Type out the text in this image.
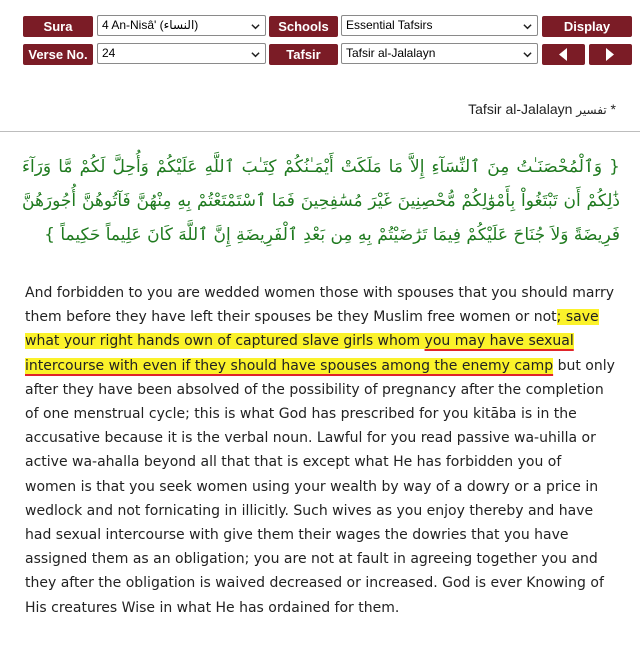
Sura	4 An-Nisâ' (النساء)	Schools	Essential Tafsirs	Display
Verse No.	24	Tafsir	Tafsir al-Jalalayn
Tafsir al-Jalalayn تفسير *
{ وَٱلْمُحْصَنَـٰتُ مِنَ ٱلنِّسَآءِ إِلاَّ مَا مَلَكَتْ أَيْمَـٰنُكُمْ كِتَـٰبَ ٱللَّهِ عَلَيْكُمْ وَأُحِلَّ لَكُمْ مَّا وَرَآءَ ذَٰلِكُمْ أَن تَبْتَغُواْ بِأَمْوَٰلِكُمْ مُّحْصِنِينَ غَيْرَ مُسَٰفِحِينَ فَمَا ٱسْتَمْتَعْتُمْ بِهِ مِنْهُنَّ فَآتُوهُنَّ أُجُورَهُنَّ فَرِيضَةً وَلاَ جُنَاحَ عَلَيْكُمْ فِيمَا تَرَٰضَيْتُمْ بِهِ مِن بَعْدِ ٱلْفَرِيضَةِ إِنَّ ٱللَّهَ كَانَ عَلِيماً حَكِيماً }
And forbidden to you are wedded women those with spouses that you should marry them before they have left their spouses be they Muslim free women or not; save what your right hands own of captured slave girls whom you may have sexual intercourse with even if they should have spouses among the enemy camp but only after they have been absolved of the possibility of pregnancy after the completion of one menstrual cycle; this is what God has prescribed for you kitāba is in the accusative because it is the verbal noun. Lawful for you read passive wa-uhilla or active wa-ahalla beyond all that that is except what He has forbidden you of women is that you seek women using your wealth by way of a dowry or a price in wedlock and not fornicating in illicitly. Such wives as you enjoy thereby and have had sexual intercourse with give them their wages the dowries that you have assigned them as an obligation; you are not at fault in agreeing together you and they after the obligation is waived decreased or increased. God is ever Knowing of His creatures Wise in what He has ordained for them.
